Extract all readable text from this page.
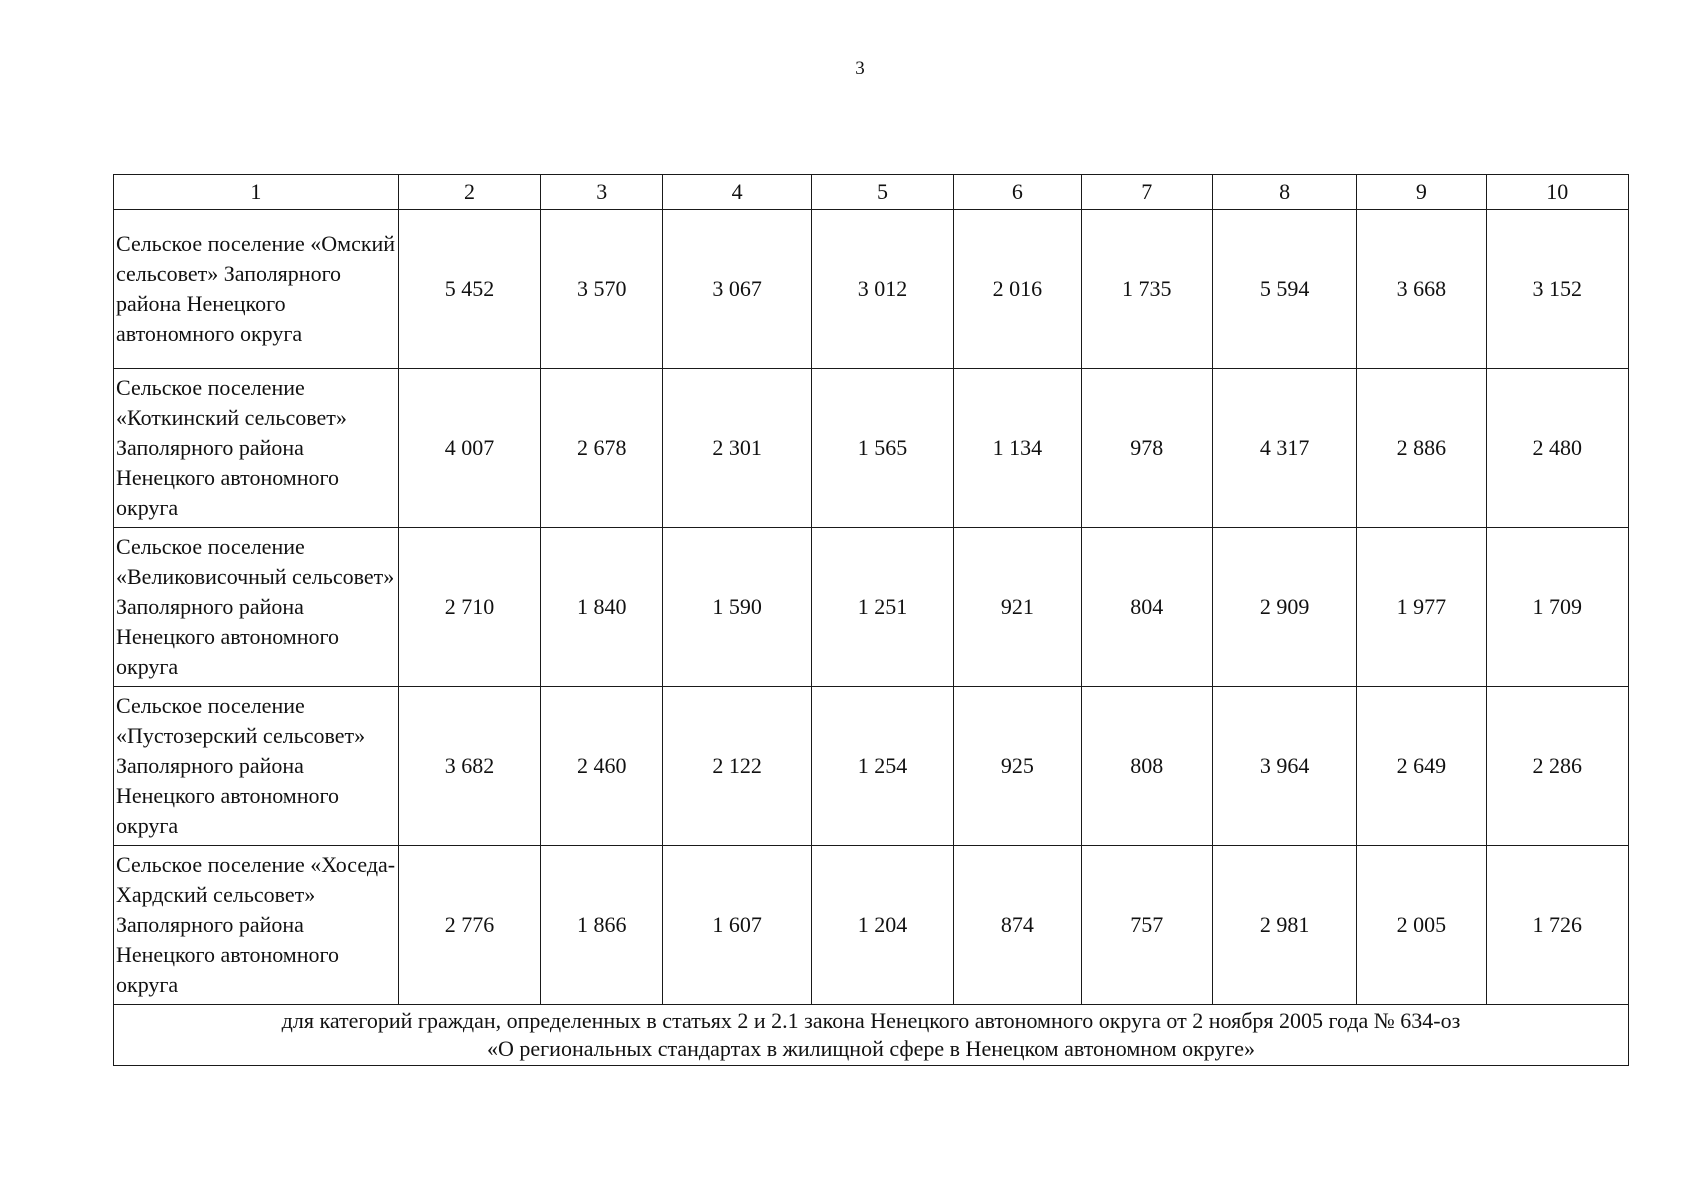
3
1	2	3	4	5	6	7	8	9	10
Сельское поселение «Омский сельсовет» Заполярного района Ненецкого автономного округа	5 452	3 570	3 067	3 012	2 016	1 735	5 594	3 668	3 152
Сельское поселение «Коткинский сельсовет» Заполярного района Ненецкого автономного округа	4 007	2 678	2 301	1 565	1 134	978	4 317	2 886	2 480
Сельское поселение «Великовисочный сельсовет» Заполярного района Ненецкого автономного округа	2 710	1 840	1 590	1 251	921	804	2 909	1 977	1 709
Сельское поселение «Пустозерский сельсовет» Заполярного района Ненецкого автономного округа	3 682	2 460	2 122	1 254	925	808	3 964	2 649	2 286
Сельское поселение «Хоседа-Хардский сельсовет» Заполярного района Ненецкого автономного округа	2 776	1 866	1 607	1 204	874	757	2 981	2 005	1 726

для категорий граждан, определенных в статьях 2 и 2.1 закона Ненецкого автономного округа от 2 ноября 2005 года № 634-оз
«О региональных стандартах в жилищной сфере в Ненецком автономном округе»									
